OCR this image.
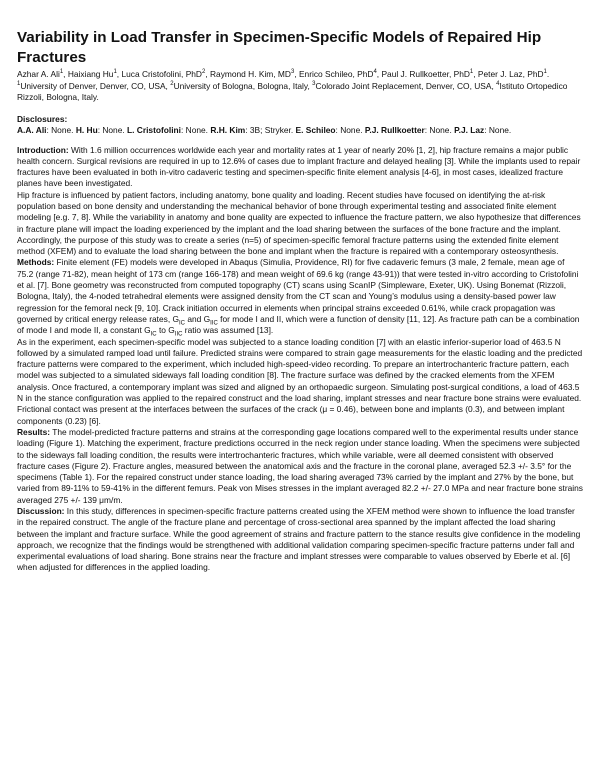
Variability in Load Transfer in Specimen-Specific Models of Repaired Hip
Fractures

Azhar A. Ali$^1$, Haixiang Hu$^1$, Luca Cristofolini, PhD$^2$, Raymond H. Kim, $MD^3$, Enrico Schileo, PhD$^4$, Paul J. Rullkoetter, PhD$^1$, Peter J. Laz, PhD$^1$.

$^1$University of Denver, Denver, CO, USA, $^2$University of Bologna, Bologna, Italy, $^3$Colorado Joint Replacement, Denver, CO, USA, $^4$Istituto Ortopedico Rizzoli, Bologna, Italy.

Disclosures:

A.A. Ali: None. H. Hu: None. L. Cristofolini: None. R.H. Kim: 3B; Stryker. E. Schileo: None. P.J. Rullkoetter: None. P.J. Laz: None.

Introduction: With 1.6 million occurrences worldwide each year and mortality rates at 1 year of nearly 20% [1, 2], hip fracture remains a major public health concern. Surgical revisions are required in up to 12.6% of cases due to implant fracture and delayed healing [3]. While the implants used to repair fractures have been evaluated in both in-vitro cadaveric testing and specimen-specific finite element analysis [4-6], in most cases, idealized fracture planes have been investigated.

Hip fracture is influenced by patient factors, including anatomy, bone quality and loading. Recent studies have focused on identifying the at-risk population based on bone density and understanding the mechanical behavior of bone through experimental testing and associated finite element modeling [e.g. 7, 8]. While the variability in anatomy and bone quality are expected to influence the fracture pattern, we also hypothesize that differences in fracture plane will impact the loading experienced by the implant and the load sharing between the surfaces of the bone fracture and the implant. Accordingly, the purpose of this study was to create a series (n=5) of specimen-specific femoral fracture patterns using the extended finite element method (XFEM) and to evaluate the load sharing between the bone and implant when the fracture is repaired with a contemporary osteosynthesis.

Methods: Finite element (FE) models were developed in Abaqus (Simulia, Providence, RI) for five cadaveric femurs (3 male, 2 female, mean age of 75.2 (range 71-82), mean height of 173 cm (range 166-178) and mean weight of 69.6 kg (range 43-91)) that were tested in-vitro according to Cristofolini et al. [7]. Bone geometry was reconstructed from computed topography (CT) scans using ScanIP (Simpleware, Exeter, UK). Using Bonemat (Rizzoli, Bologna, Italy), the 4-noded tetrahedral elements were assigned density from the CT scan and Young’s modulus using a density-based power law regression for the femoral neck [9, 10]. Crack initiation occurred in elements when principal strains exceeded 0.61%, while crack propagation was governed by critical energy release rates, $G_{IC}$ and $G_{IIC}$ for mode I and II, which were a function of density [11, 12]. As fracture path can be a combination of mode I and mode II, a constant $G_{IC}$ to $G_{IIC}$ ratio was assumed [13].

As in the experiment, each specimen-specific model was subjected to a stance loading condition [7] with an elastic inferior-superior load of 463.5 N followed by a simulated ramped load until failure. Predicted strains were compared to strain gage measurements for the elastic loading and the predicted fracture patterns were compared to the experiment, which included high-speed-video recording. To prepare an intertrochanteric fracture pattern, each model was subjected to a simulated sideways fall loading condition [8]. The fracture surface was defined by the cracked elements from the XFEM analysis. Once fractured, a contemporary implant was sized and aligned by an orthopaedic surgeon. Simulating post-surgical conditions, a load of 463.5 N in the stance configuration was applied to the repaired construct and the load sharing, implant stresses and near fracture bone strains were evaluated. Frictional contact was present at the interfaces between the surfaces of the crack (μ = 0.46), between bone and implants (0.3), and between implant components (0.23) [6].

Results: The model-predicted fracture patterns and strains at the corresponding gage locations compared well to the experimental results under stance loading (Figure 1). Matching the experiment, fracture predictions occurred in the neck region under stance loading. When the specimens were subjected to the sideways fall loading condition, the results were intertrochanteric fractures, which while variable, were all deemed consistent with observed fracture cases (Figure 2). Fracture angles, measured between the anatomical axis and the fracture in the coronal plane, averaged 52.3 +/- 3.5° for the specimens (Table 1). For the repaired construct under stance loading, the load sharing averaged 73% carried by the implant and 27% by the bone, but varied from 89-11% to 59-41% in the different femurs. Peak von Mises stresses in the implant averaged 82.2 +/- 27.0 MPa and near fracture bone strains averaged 275 +/- 139 μm/m.

Discussion: In this study, differences in specimen-specific fracture patterns created using the XFEM method were shown to influence the load transfer in the repaired construct. The angle of the fracture plane and percentage of cross-sectional area spanned by the implant affected the load sharing between the implant and fracture surface. While the good agreement of strains and fracture pattern to the stance results give confidence in the modeling approach, we recognize that the findings would be strengthened with additional validation comparing specimen-specific fracture patterns under fall and experimental evaluations of load sharing. Bone strains near the fracture and implant stresses were comparable to values observed by Eberle et al. [6] when adjusted for differences in the applied loading.
